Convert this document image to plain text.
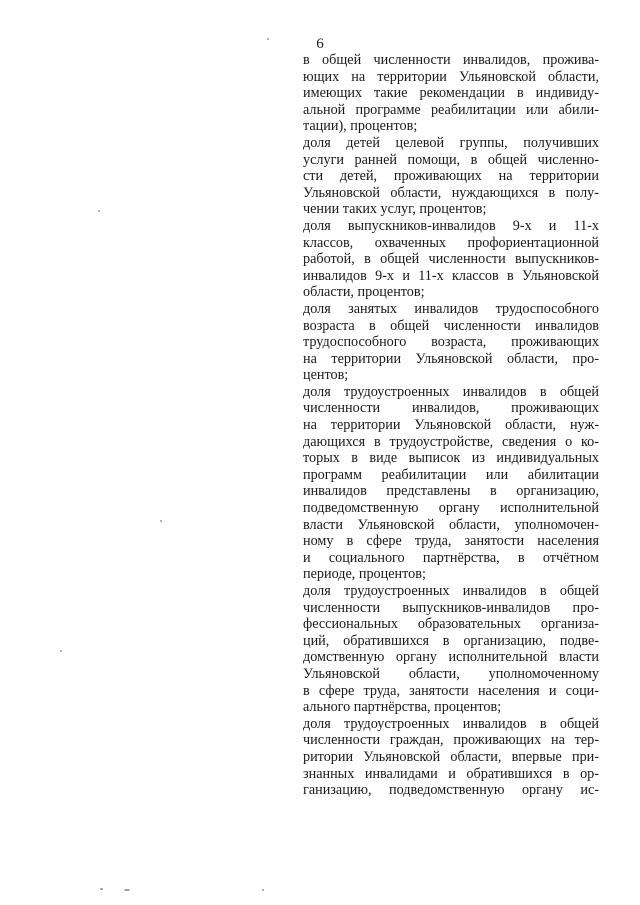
6
в общей численности инвалидов, прожива-
ющих на территории Ульяновской области,
имеющих такие рекомендации в индивиду-
альной программе реабилитации или абили-
тации), процентов;
доля детей целевой группы, получивших
услуги ранней помощи, в общей численно-
сти детей, проживающих на территории
Ульяновской области, нуждающихся в полу-
чении таких услуг, процентов;
доля выпускников-инвалидов 9-х и 11-х
классов, охваченных профориентационной
работой, в общей численности выпускников-
инвалидов 9-х и 11-х классов в Ульяновской
области, процентов;
доля занятых инвалидов трудоспособного
возраста в общей численности инвалидов
трудоспособного возраста, проживающих
на территории Ульяновской области, про-
центов;
доля трудоустроенных инвалидов в общей
численности инвалидов, проживающих
на территории Ульяновской области, нуж-
дающихся в трудоустройстве, сведения о ко-
торых в виде выписок из индивидуальных
программ реабилитации или абилитации
инвалидов представлены в организацию,
подведомственную органу исполнительной
власти Ульяновской области, уполномочен-
ному в сфере труда, занятости населения
и социального партнёрства, в отчётном
периоде, процентов;
доля трудоустроенных инвалидов в общей
численности выпускников-инвалидов про-
фессиональных образовательных организа-
ций, обратившихся в организацию, подве-
домственную органу исполнительной власти
Ульяновской области, уполномоченному
в сфере труда, занятости населения и соци-
ального партнёрства, процентов;
доля трудоустроенных инвалидов в общей
численности граждан, проживающих на тер-
ритории Ульяновской области, впервые при-
знанных инвалидами и обратившихся в ор-
ганизацию, подведомственную органу ис-
